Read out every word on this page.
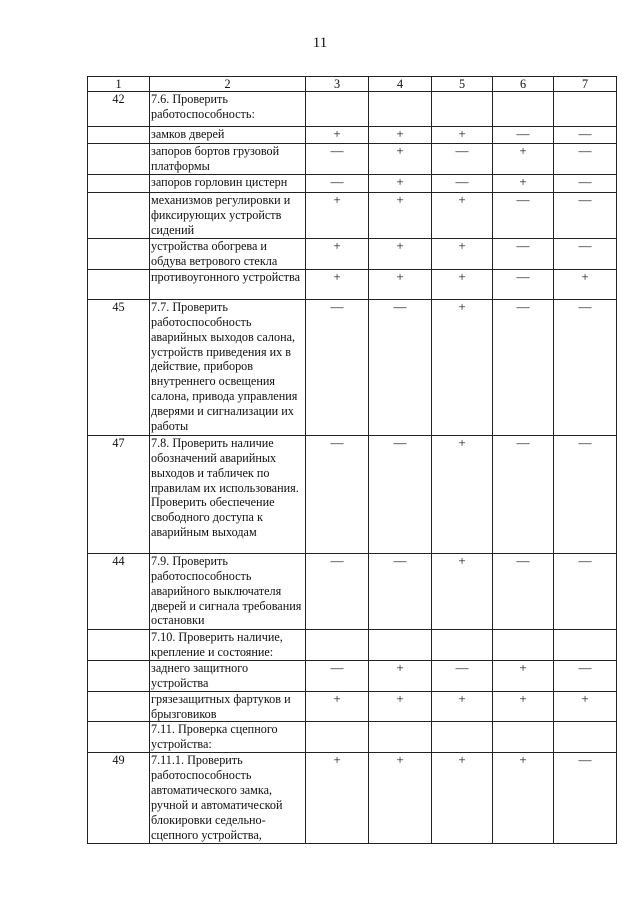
11
1	2	3	4	5	6	7
42	7.6. Проверить работоспособность:					
	замков дверей	+	+	+	—	—
	запоров бортов грузовой платформы	—	+	—	+	—
	запоров горловин цистерн	—	+	—	+	—
	механизмов регулировки и фиксирующих устройств сидений	+	+	+	—	—
	устройства обогрева и обдува ветрового стекла	+	+	+	—	—
	противоугонного устройства	+	+	+	—	+
45	7.7. Проверить работоспособность аварийных выходов салона, устройств приведения их в действие, приборов внутреннего освещения салона, привода управления дверями и сигнализации их работы	—	—	+	—	—
47	7.8. Проверить наличие обозначений аварийных выходов и табличек по правилам их использования. Проверить обеспечение свободного доступа к аварийным выходам	—	—	+	—	—
44	7.9. Проверить работоспособность аварийного выключателя дверей и сигнала требования остановки	—	—	+	—	—
	7.10. Проверить наличие, крепление и состояние:					
	заднего защитного устройства	—	+	—	+	—
	грязезащитных фартуков и брызговиков	+	+	+	+	+
	7.11. Проверка сцепного устройства:					
49	7.11.1. Проверить работоспособность автоматического замка, ручной и автоматической блокировки седельно-сцепного устройства,	+	+	+	+	—
